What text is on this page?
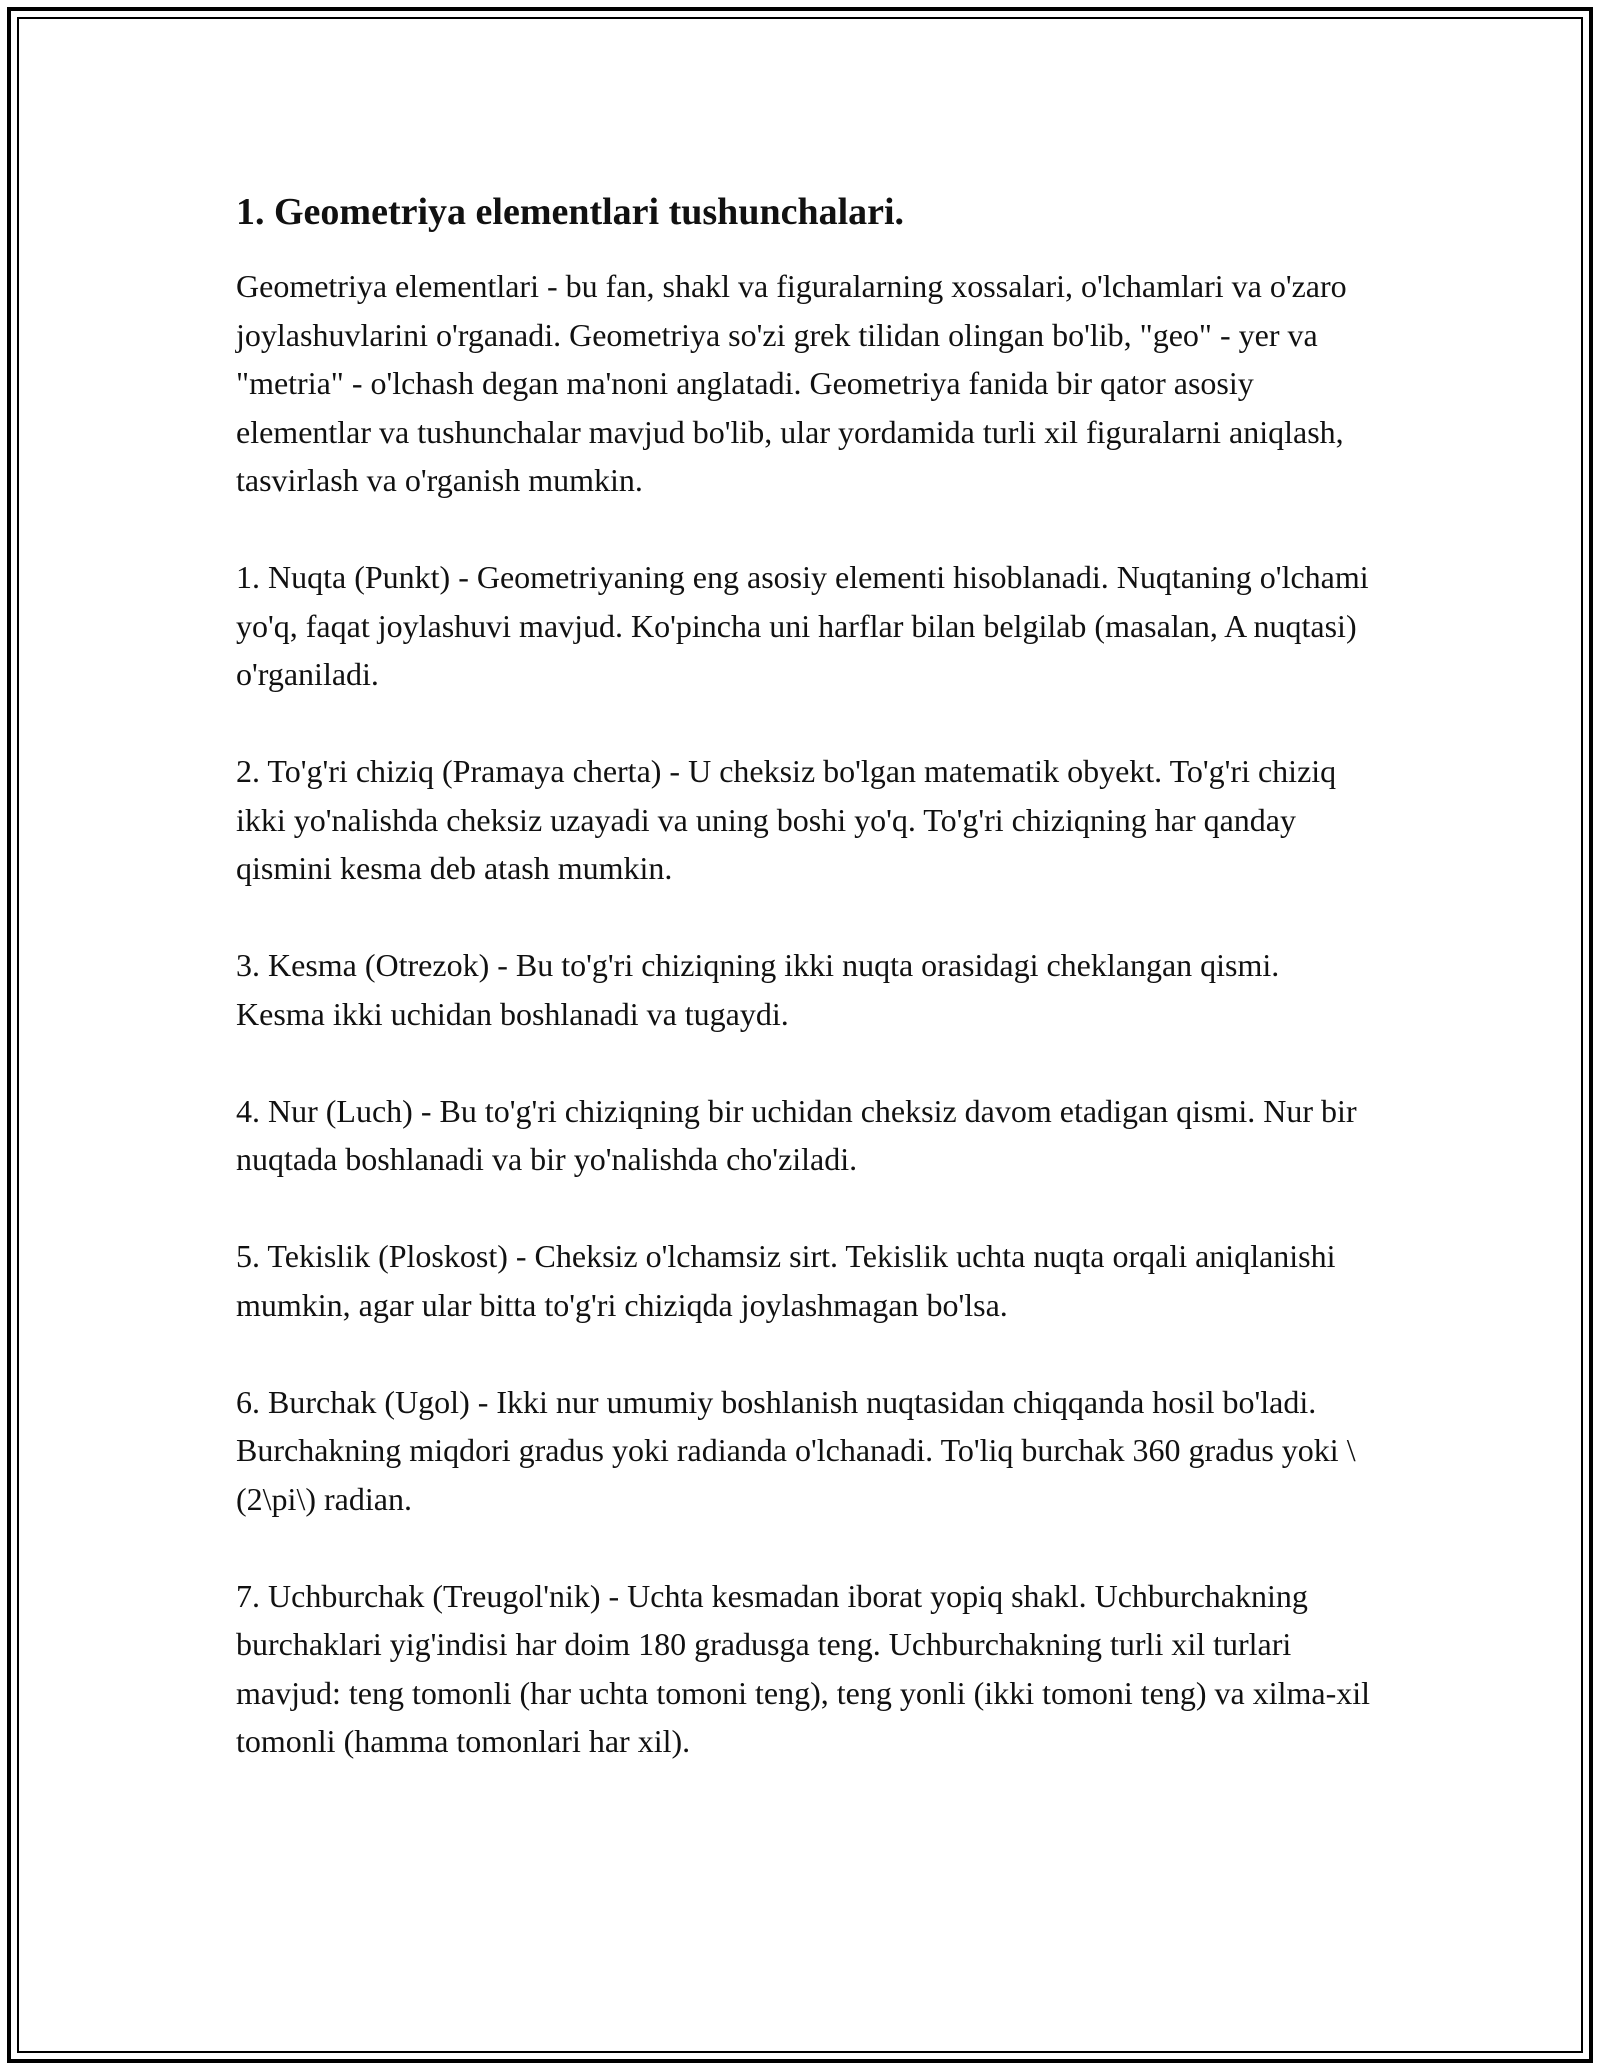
1. Geometriya elementlari tushunchalari.

Geometriya elementlari - bu fan, shakl va figuralarning xossalari, o'lchamlari va o'zaro joylashuvlarini o'rganadi. Geometriya so'zi grek tilidan olingan bo'lib, "geo" - yer va "metria" - o'lchash degan ma'noni anglatadi. Geometriya fanida bir qator asosiy elementlar va tushunchalar mavjud bo'lib, ular yordamida turli xil figuralarni aniqlash, tasvirlash va o'rganish mumkin.

1. Nuqta (Punkt) - Geometriyaning eng asosiy elementi hisoblanadi. Nuqtaning o'lchami yo'q, faqat joylashuvi mavjud. Ko'pincha uni harflar bilan belgilab (masalan, A nuqtasi) o'rganiladi.

2. To'g'ri chiziq (Pramaya cherta) - U cheksiz bo'lgan matematik obyekt. To'g'ri chiziq ikki yo'nalishda cheksiz uzayadi va uning boshi yo'q. To'g'ri chiziqning har qanday qismini kesma deb atash mumkin.

3. Kesma (Otrezok) - Bu to'g'ri chiziqning ikki nuqta orasidagi cheklangan qismi. Kesma ikki uchidan boshlanadi va tugaydi.

4. Nur (Luch) - Bu to'g'ri chiziqning bir uchidan cheksiz davom etadigan qismi. Nur bir nuqtada boshlanadi va bir yo'nalishda cho'ziladi.

5. Tekislik (Ploskost) - Cheksiz o'lchamsiz sirt. Tekislik uchta nuqta orqali aniqlanishi mumkin, agar ular bitta to'g'ri chiziqda joylashmagan bo'lsa.

6. Burchak (Ugol) - Ikki nur umumiy boshlanish nuqtasidan chiqqanda hosil bo'ladi. Burchakning miqdori gradus yoki radianda o'lchanadi. To'liq burchak 360 gradus yoki \(2\pi\) radian.

7. Uchburchak (Treugol'nik) - Uchta kesmadan iborat yopiq shakl. Uchburchakning burchaklari yig'indisi har doim 180 gradusga teng. Uchburchakning turli xil turlari mavjud: teng tomonli (har uchta tomoni teng), teng yonli (ikki tomoni teng) va xilma-xil tomonli (hamma tomonlari har xil).
